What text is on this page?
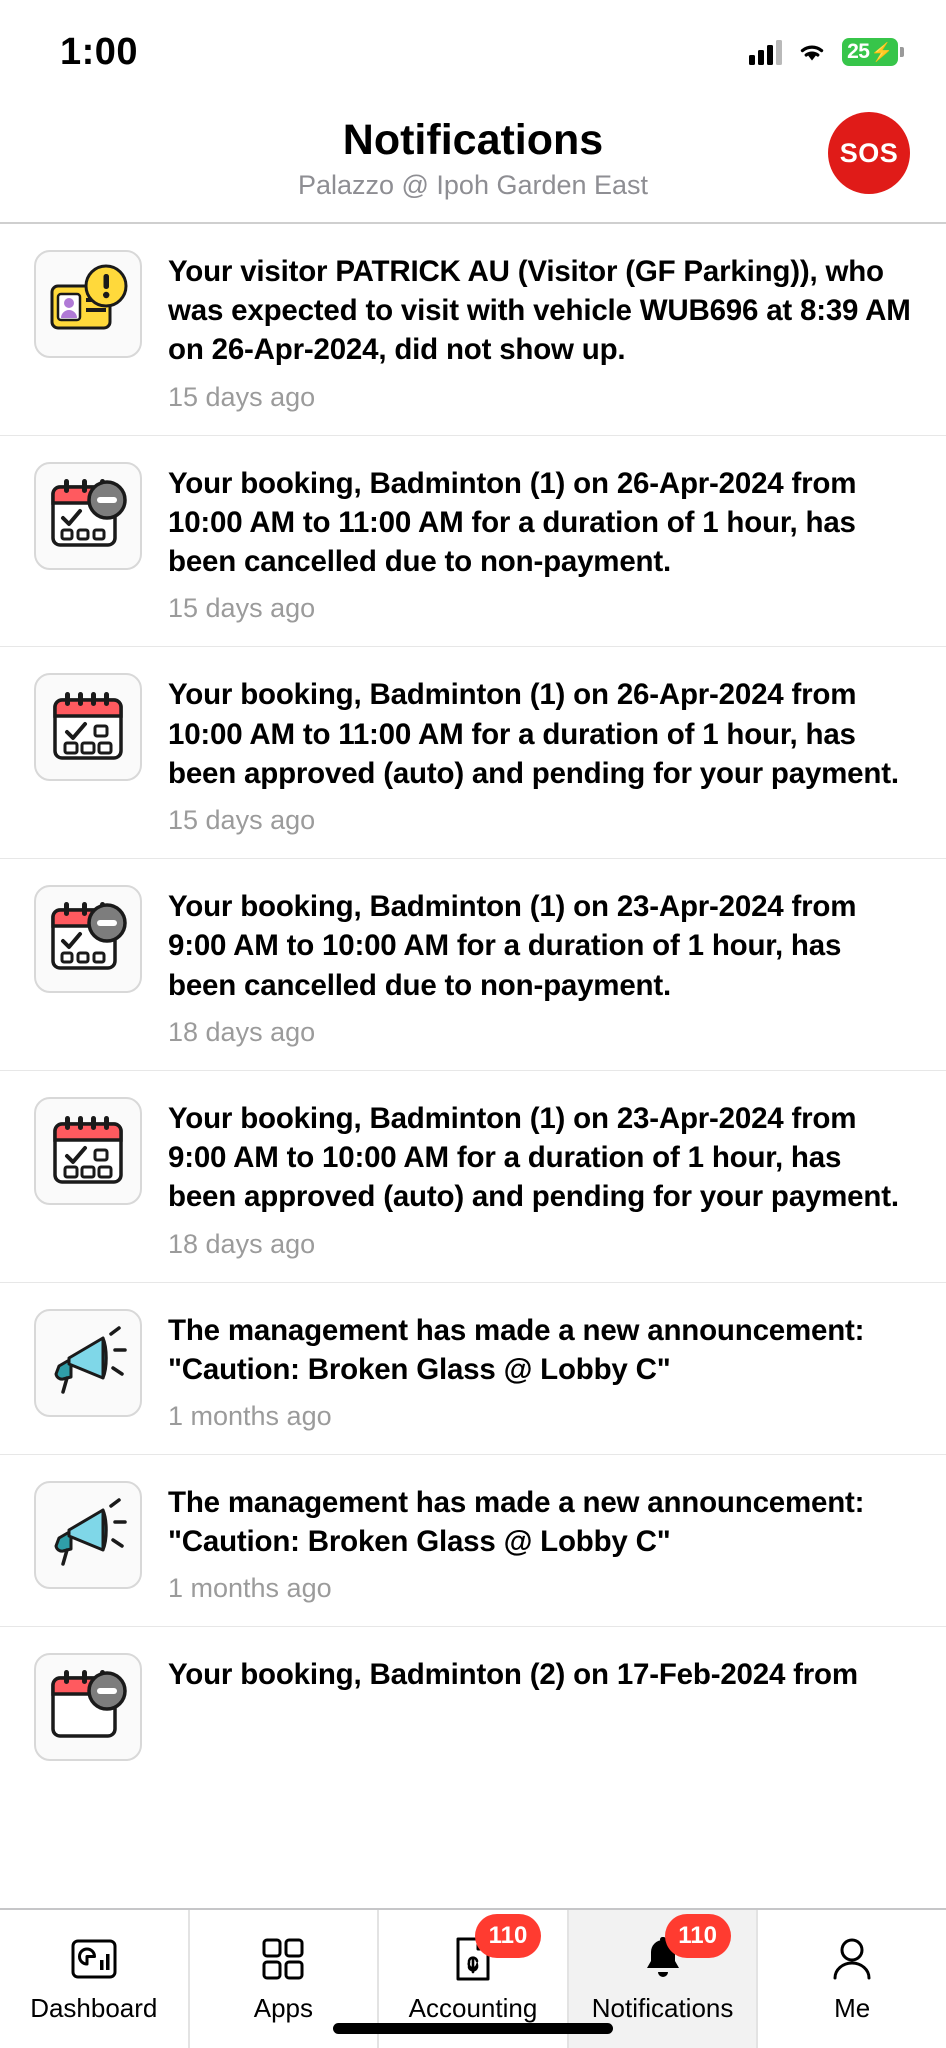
1:00	25 ⚡
Notifications
Palazzo @ Ipoh Garden East
SOS
Your visitor PATRICK AU (Visitor (GF Parking)), who was expected to visit with vehicle WUB696 at 8:39 AM on 26-Apr-2024, did not show up.
15 days ago
Your booking, Badminton (1) on 26-Apr-2024 from 10:00 AM to 11:00 AM for a duration of 1 hour, has been cancelled due to non-payment.
15 days ago
Your booking, Badminton (1) on 26-Apr-2024 from 10:00 AM to 11:00 AM for a duration of 1 hour, has been approved (auto) and pending for your payment.
15 days ago
Your booking, Badminton (1) on 23-Apr-2024 from 9:00 AM to 10:00 AM for a duration of 1 hour, has been cancelled due to non-payment.
18 days ago
Your booking, Badminton (1) on 23-Apr-2024 from 9:00 AM to 10:00 AM for a duration of 1 hour, has been approved (auto) and pending for your payment.
18 days ago
The management has made a new announcement: "Caution: Broken Glass @ Lobby C"
1 months ago
The management has made a new announcement: "Caution: Broken Glass @ Lobby C"
1 months ago
Your booking, Badminton (2) on 17-Feb-2024 from
Dashboard	Apps
110
Accounting
110
Notifications	Me
